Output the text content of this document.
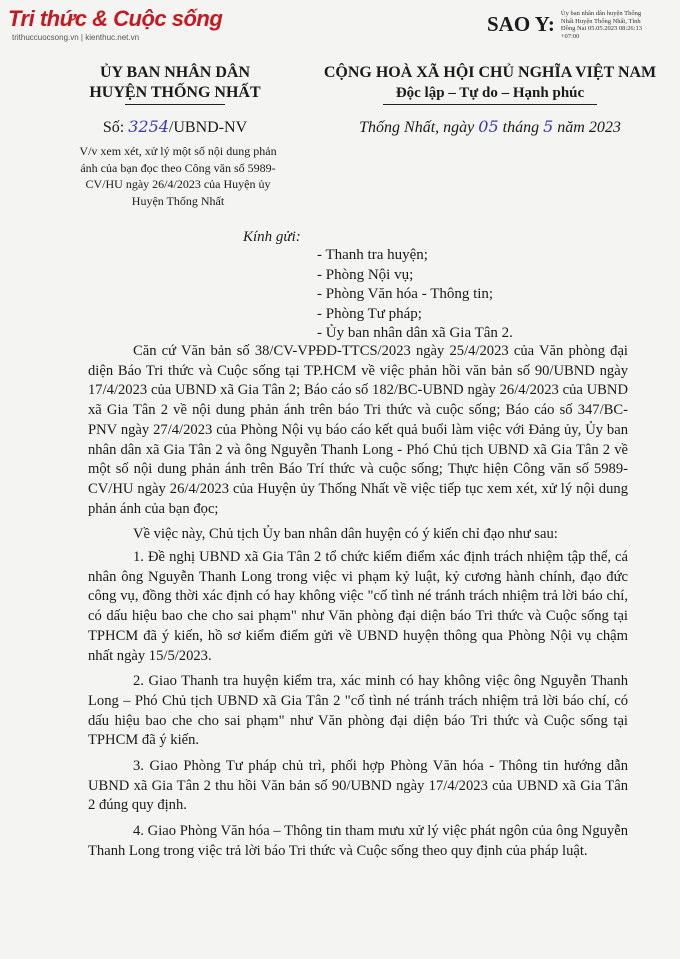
Tri thức & Cuộc sống
trithuccuocsong.vn | kienthuc.net.vn
SAO Y: Ủy ban nhân dân huyện Thống Nhất Huyện Thống Nhất, Tỉnh Đồng Nai 05.05.2023 08:26:13 +07:00
ỦY BAN NHÂN DÂN
HUYỆN THỐNG NHẤT
CỘNG HOÀ XÃ HỘI CHỦ NGHĨA VIỆT NAM
Độc lập – Tự do – Hạnh phúc
Số: 3254/UBND-NV	Thống Nhất, ngày 05 tháng 5 năm 2023
V/v xem xét, xử lý một số nội dung phản ánh của bạn đọc theo Công văn số 5989-CV/HU ngày 26/4/2023 của Huyện ủy Huyện Thống Nhất
Kính gửi:
- Thanh tra huyện;
- Phòng Nội vụ;
- Phòng Văn hóa - Thông tin;
- Phòng Tư pháp;
- Ủy ban nhân dân xã Gia Tân 2.

Căn cứ Văn bản số 38/CV-VPĐD-TTCS/2023 ngày 25/4/2023 của Văn phòng đại diện Báo Tri thức và Cuộc sống tại TP.HCM về việc phản hồi văn bản số 90/UBND ngày 17/4/2023 của UBND xã Gia Tân 2; Báo cáo số 182/BC-UBND ngày 26/4/2023 của UBND xã Gia Tân 2 về nội dung phản ánh trên báo Tri thức và cuộc sống; Báo cáo số 347/BC-PNV ngày 27/4/2023 của Phòng Nội vụ báo cáo kết quả buổi làm việc với Đảng ủy, Ủy ban nhân dân xã Gia Tân 2 và ông Nguyễn Thanh Long - Phó Chủ tịch UBND xã Gia Tân 2 về một số nội dung phản ánh trên Báo Trí thức và cuộc sống; Thực hiện Công văn số 5989-CV/HU ngày 26/4/2023 của Huyện ủy Thống Nhất về việc tiếp tục xem xét, xử lý nội dung phản ánh của bạn đọc;

Về việc này, Chủ tịch Ủy ban nhân dân huyện có ý kiến chỉ đạo như sau:

1. Đề nghị UBND xã Gia Tân 2 tổ chức kiểm điểm xác định trách nhiệm tập thể, cá nhân ông Nguyễn Thanh Long trong việc vi phạm kỷ luật, kỷ cương hành chính, đạo đức công vụ, đồng thời xác định có hay không việc "cố tình né tránh trách nhiệm trả lời báo chí, có dấu hiệu bao che cho sai phạm" như Văn phòng đại diện báo Tri thức và Cuộc sống tại TPHCM đã ý kiến, hồ sơ kiểm điểm gửi về UBND huyện thông qua Phòng Nội vụ chậm nhất ngày 15/5/2023.

2. Giao Thanh tra huyện kiểm tra, xác minh có hay không việc ông Nguyễn Thanh Long – Phó Chủ tịch UBND xã Gia Tân 2 "cố tình né tránh trách nhiệm trả lời báo chí, có dấu hiệu bao che cho sai phạm" như Văn phòng đại diện báo Tri thức và Cuộc sống tại TPHCM đã ý kiến.

3. Giao Phòng Tư pháp chủ trì, phối hợp Phòng Văn hóa - Thông tin hướng dẫn UBND xã Gia Tân 2 thu hồi Văn bản số 90/UBND ngày 17/4/2023 của UBND xã Gia Tân 2 đúng quy định.

4. Giao Phòng Văn hóa – Thông tin tham mưu xử lý việc phát ngôn của ông Nguyễn Thanh Long trong việc trả lời báo Tri thức và Cuộc sống theo quy định của pháp luật.
